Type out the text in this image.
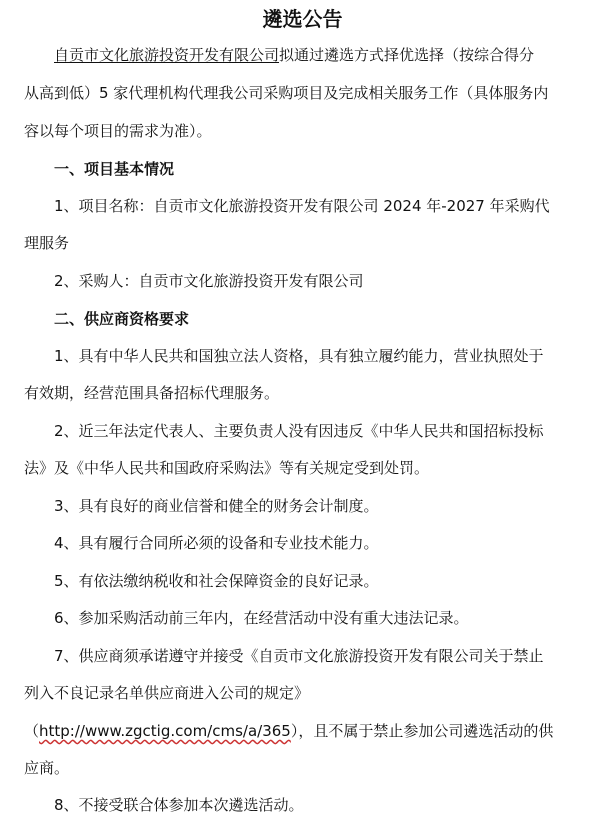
遴选公告
自贡市文化旅游投资开发有限公司拟通过遴选方式择优选择（按综合得分
从高到低）5 家代理机构代理我公司采购项目及完成相关服务工作（具体服务内
容以每个项目的需求为准）。
一、项目基本情况
1、项目名称：自贡市文化旅游投资开发有限公司 2024 年-2027 年采购代
理服务
2、采购人：自贡市文化旅游投资开发有限公司
二、供应商资格要求
1、具有中华人民共和国独立法人资格，具有独立履约能力，营业执照处于
有效期，经营范围具备招标代理服务。
2、近三年法定代表人、主要负责人没有因违反《中华人民共和国招标投标
法》及《中华人民共和国政府采购法》等有关规定受到处罚。
3、具有良好的商业信誉和健全的财务会计制度。
4、具有履行合同所必须的设备和专业技术能力。
5、有依法缴纳税收和社会保障资金的良好记录。
6、参加采购活动前三年内，在经营活动中没有重大违法记录。
7、供应商须承诺遵守并接受《自贡市文化旅游投资开发有限公司关于禁止
列入不良记录名单供应商进入公司的规定》
（http://www.zgctig.com/cms/a/365），且不属于禁止参加公司遴选活动的供
应商。
8、不接受联合体参加本次遴选活动。
